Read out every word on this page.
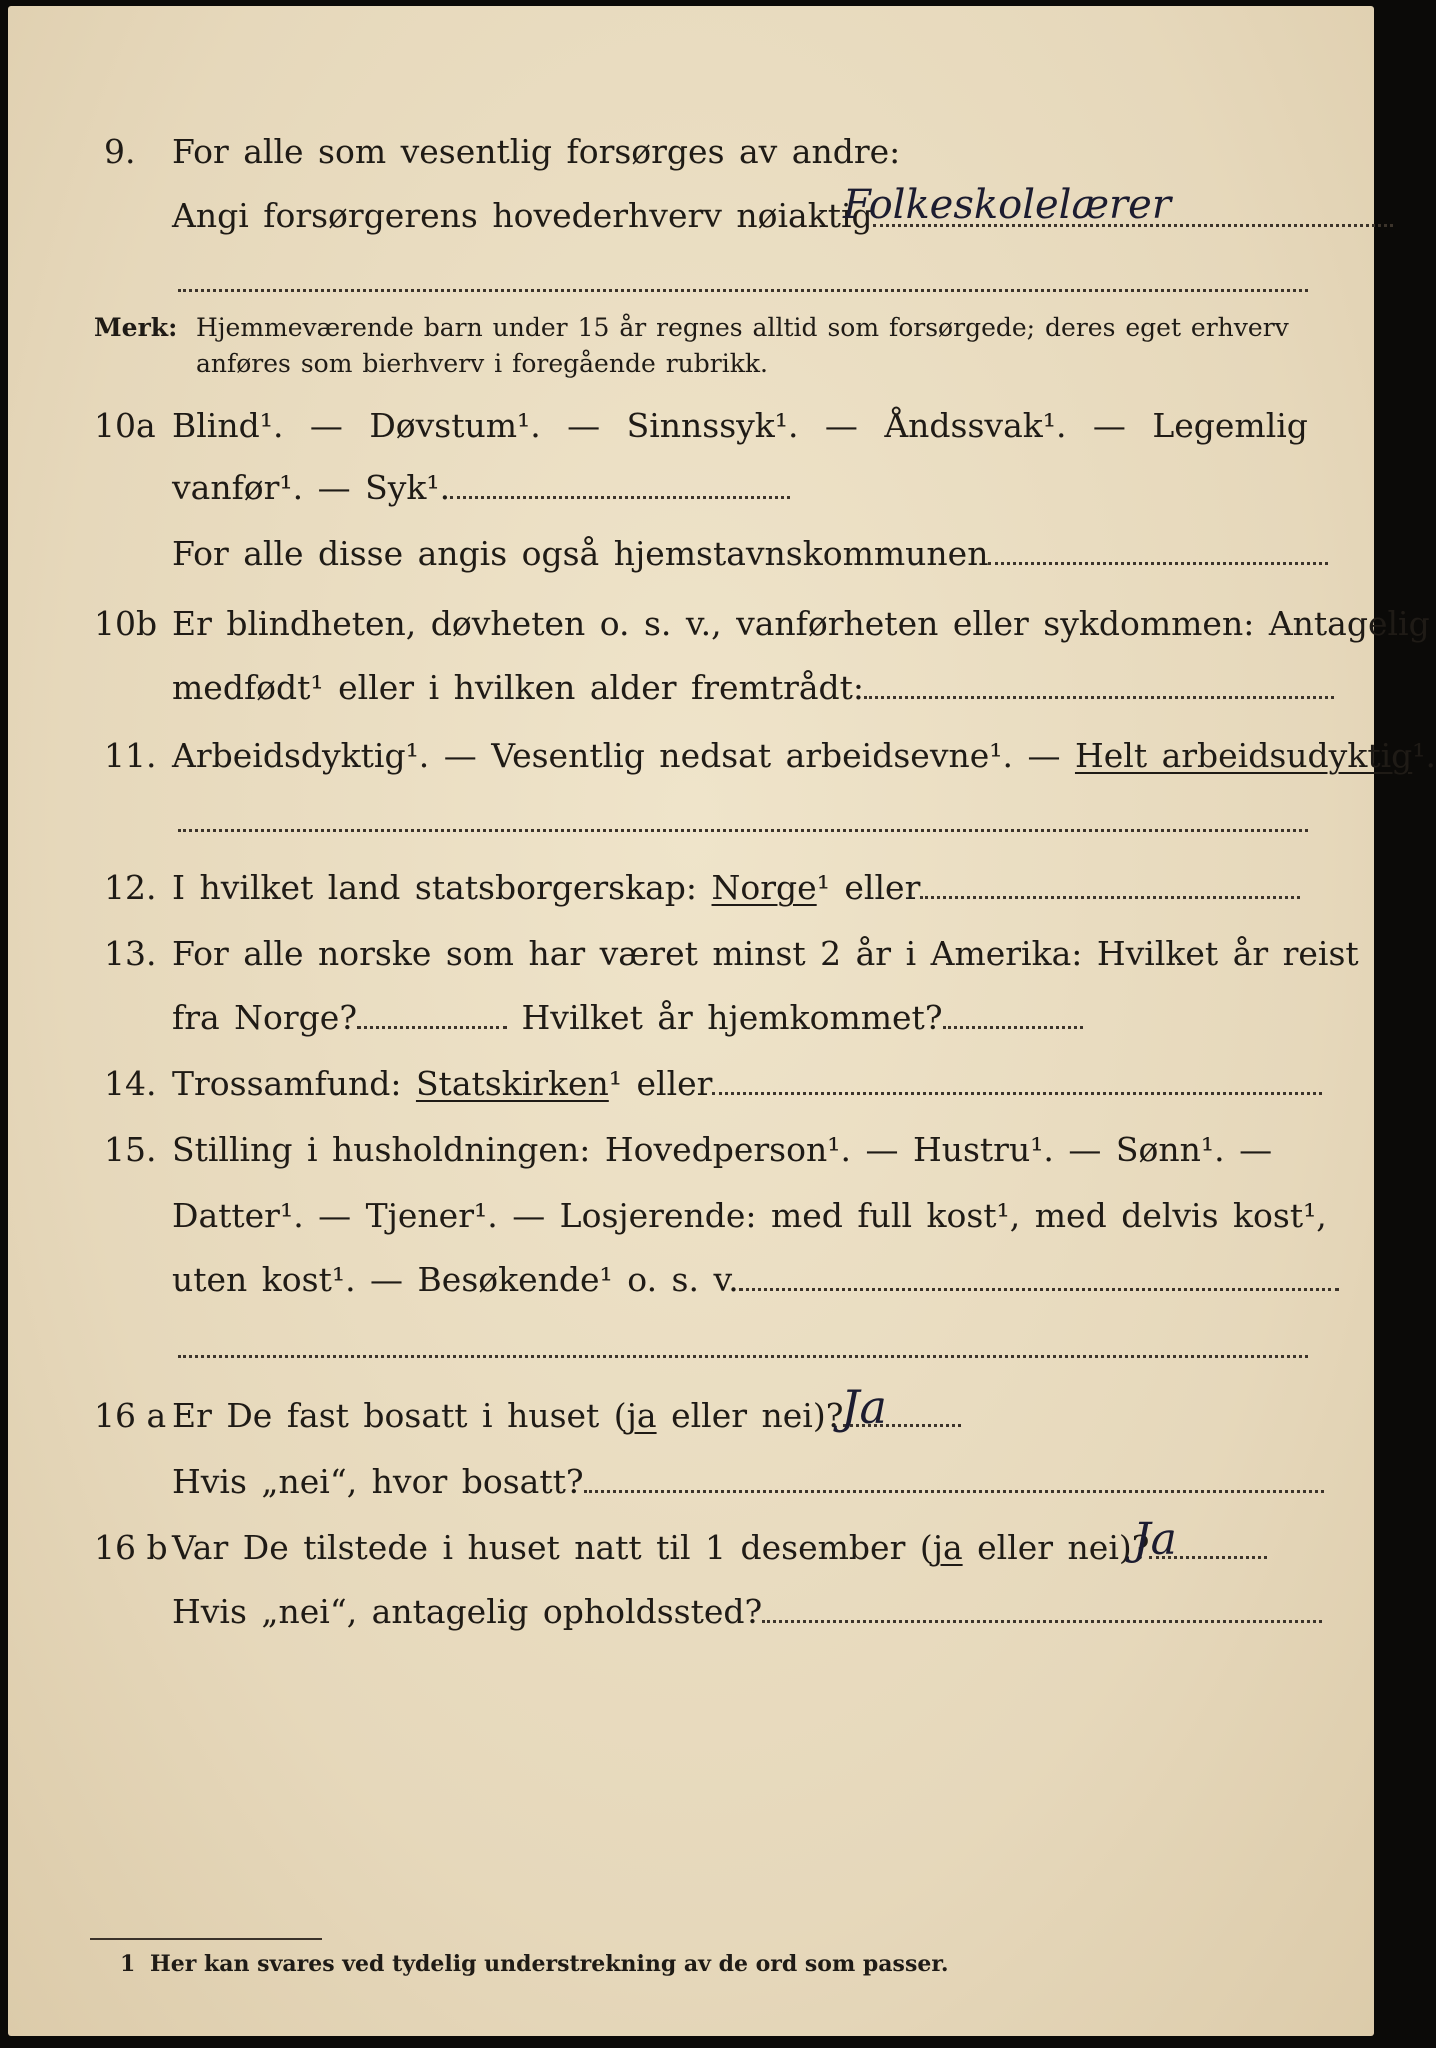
9. For alle som vesentlig forsørges av andre:
Angi forsørgerens hovederhverv nøiaktig
Folkeskolelærer
Merk: Hjemmeværende barn under 15 år regnes alltid som forsørgede; deres eget erhverv
anføres som bierhverv i foregående rubrikk.
10a Blind¹. — Døvstum¹. — Sinnssyk¹. — Åndssvak¹. — Legemlig
vanfør¹. — Syk¹.
For alle disse angis også hjemstavnskommunen
10b Er blindheten, døvheten o. s. v., vanførheten eller sykdommen: Antagelig
medfødt¹ eller i hvilken alder fremtrådt:
11. Arbeidsdyktig¹. — Vesentlig nedsat arbeidsevne¹. — Helt arbeidsudyktig¹.
12. I hvilket land statsborgerskap: Norge¹ eller
13. For alle norske som har været minst 2 år i Amerika: Hvilket år reist
fra Norge?	Hvilket år hjemkommet?
14. Trossamfund: Statskirken¹ eller
15. Stilling i husholdningen: Hovedperson¹. — Hustru¹. — Sønn¹. —
Datter¹. — Tjener¹. — Losjerende: med full kost¹, med delvis kost¹,
uten kost¹. — Besøkende¹ o. s. v.
16 a Er De fast bosatt i huset (ja eller nei)?
Ja
Hvis „nei“, hvor bosatt?
16 b Var De tilstede i huset natt til 1 desember (ja eller nei)?
Ja
Hvis „nei“, antagelig opholdssted?
1 Her kan svares ved tydelig understrekning av de ord som passer.
